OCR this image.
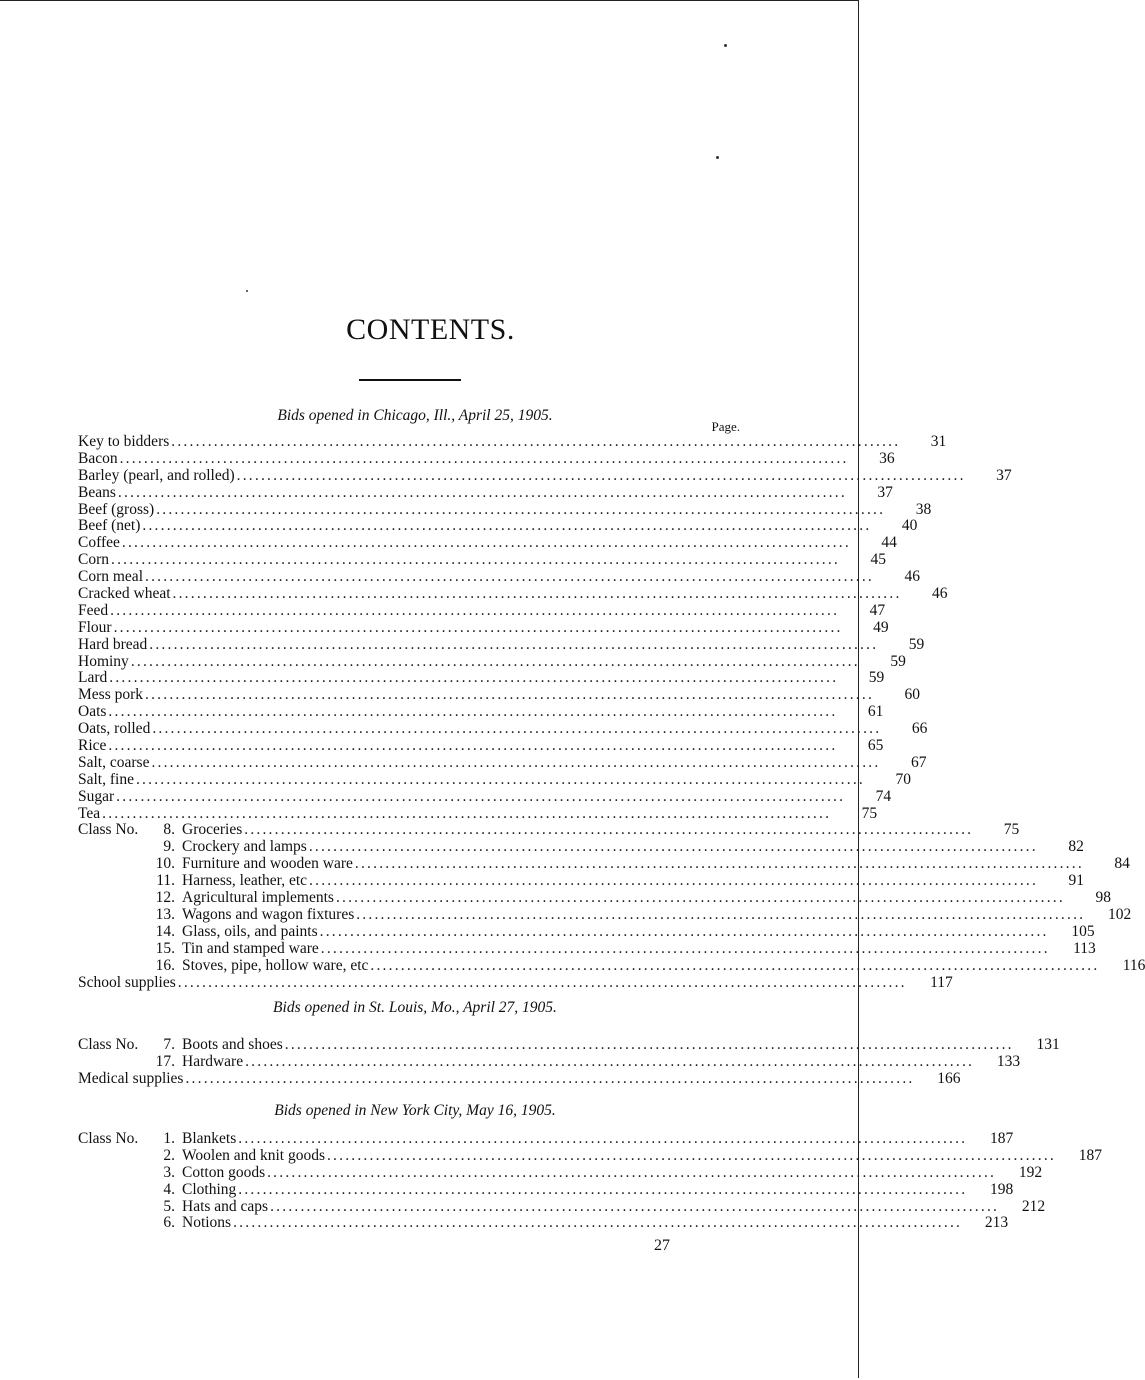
CONTENTS.
Page.
Bids opened in Chicago, Ill., April 25, 1905.
Key to bidders ........................................................................................................................	31
Bacon ........................................................................................................................	36
Barley (pearl, and rolled) ........................................................................................................................	37
Beans ........................................................................................................................	37
Beef (gross) ........................................................................................................................	38
Beef (net) ........................................................................................................................	40
Coffee ........................................................................................................................	44
Corn ........................................................................................................................	45
Corn meal ........................................................................................................................	46
Cracked wheat ........................................................................................................................	46
Feed ........................................................................................................................	47
Flour ........................................................................................................................	49
Hard bread ........................................................................................................................	59
Hominy ........................................................................................................................	59
Lard ........................................................................................................................	59
Mess pork ........................................................................................................................	60
Oats ........................................................................................................................	61
Oats, rolled ........................................................................................................................	66
Rice ........................................................................................................................	65
Salt, coarse ........................................................................................................................	67
Salt, fine ........................................................................................................................	70
Sugar ........................................................................................................................	74
Tea ........................................................................................................................	75
Class No.	8. Groceries ........................................................................................................................	75
9. Crockery and lamps ........................................................................................................................	82
10. Furniture and wooden ware ........................................................................................................................	84
11. Harness, leather, etc ........................................................................................................................	91
12. Agricultural implements ........................................................................................................................	98
13. Wagons and wagon fixtures ........................................................................................................................	102
14. Glass, oils, and paints ........................................................................................................................	105
15. Tin and stamped ware ........................................................................................................................	113
16. Stoves, pipe, hollow ware, etc ........................................................................................................................	116
School supplies ........................................................................................................................	117
Bids opened in St. Louis, Mo., April 27, 1905.
Class No.	7. Boots and shoes ........................................................................................................................	131
17. Hardware ........................................................................................................................	133
Medical supplies ........................................................................................................................	166
Bids opened in New York City, May 16, 1905.
Class No.	1. Blankets ........................................................................................................................	187
2. Woolen and knit goods ........................................................................................................................	187
3. Cotton goods ........................................................................................................................	192
4. Clothing ........................................................................................................................	198
5. Hats and caps ........................................................................................................................	212
6. Notions ........................................................................................................................	213
27
